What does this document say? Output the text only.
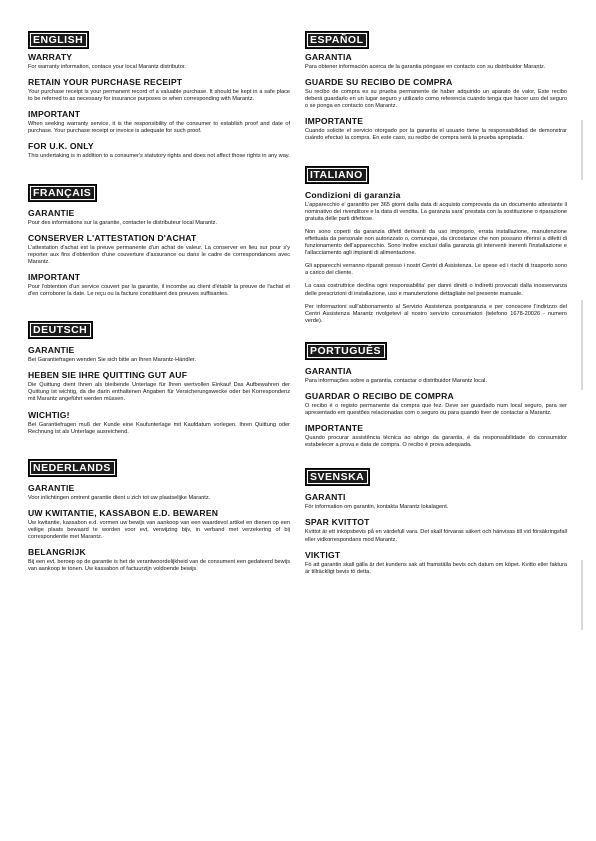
ENGLISH
WARRATY

For warranty information, contace your local Marantz distributor.

RETAIN YOUR PURCHASE RECEIPT

Your purchase receipt is your permanent record of a valuable purchase. It should be kept in a safe place to be referred to as necessary for insurance purposes or when corresponding with Marantz.

IMPORTANT

When seeking warranty service, it is the responsibility of the consumer to establish proof and date of purchase. Your purchase receipt or invoice is adequate for such proof.

FOR U.K. ONLY

This undertaking is in addition to a consumer's statutory rights and does not affect those rights in any way.

FRANÇAIS
GARANTIE

Pour des informations sur la garantie, contacter le distributeur local Marantz.

CONSERVER L'ATTESTATION D'ACHAT

L'attestation d'achat est la preuve permanente d'un achat de valeur. La conserver en lieu sur pour s'y reporter aux fins d'obtention d'une couverture d'assurance ou dans le cadre de correspondances avec Marantz.

IMPORTANT

Pour l'obtention d'un service couvert par la garantie, il incombe au client d'établir la preuve de l'achat et d'en corroborer la date. Le reçu ou la facture constituent des preuves suffisantes.

DEUTSCH
GARANTIE

Bei Garantiefragen wenden Sie sich bitte an Ihren Marantz-Händler.

HEBEN SIE IHRE QUITTING GUT AUF

Die Quittung dient Ihnen als bleibende Unterlage für Ihren wertvollen Einkauf Das Aufbewahren der Quittung ist wichtig, da die darin enthaltenen Angaben für Versicherungswecke oder bei Korrespondenz mit Marantz angeführt werden müssen.

WICHTIG!

Bei Garantiefragen muß der Kunde eine Kaufunterlage mit Kaufdatum vorlegen. Ihren Quittung oder Rechnung ist als Unterlage ausreichend.

NEDERLANDS
GARANTIE

Voor inlichtingen omtrent garantie dient u zich tot uw plaatselijke Marantz.

UW KWITANTIE, KASSABON E.D. BEWAREN

Uw kwitantie, kassabon e.d. vormen uw bewijs van aankoop van een waardevol artikel en dienen op een veilige plaats bewaard te worden voor evt, verwijzing bijv, in verband met verzekering of bij correspondentie met Marantz.

BELANGRIJK

Bij een evt. beroep op de garantie is het de verantwoordelijkheid van de consument een gedateerd bewijs van aankoop te tonen. Uw kassabon of factuurzijn voldoende bewijs.

ESPAÑOL
GARANTIA

Para obtener información acerca de la garantia póngase en contacto con su distribuidor Marantz.

GUARDE SU RECIBO DE COMPRA

Su recibo de compra es su prueba permanente de haber adquirido un aparato de valor, Este recibo deberá guardarlo en un lugar seguro y utilizarlo como referencia cuando tenga que hacer uso del seguro o se ponga en contacto con Marantz.

IMPORTANTE

Cuando solicite el servicio otorgado por la garantia el usuario tiene la responsabilidad de demonstrar cuándo efectuó la compra. En este caso, su recibo de compra será la prueba apropiada.

ITALIANO
Condizioni di garanzia

L'apparecchio e' garantito per 365 giorni dalla data di acquisto comprovata da un documento attestante il nominativo del rivenditore e la data di vendita. La garanzia sara' prestata con la sostituzione o riparazione gratuita delle parti difettose.

Non sono coperti da garanzia difetti derivanti da uso improprio, errata installazione, manutenzione effettuata da personale non autorizzato o, comunque, da circostanze che non possano riferirsi a difetti di funzionamento dell'apparecchio. Sono inoltre esclusi dalla garanzia gli interventi inerenti l'installazione e l'allacciamento agli impianti di alimentazione.

Gli apparecchi verranno riparati presso i nostri Centri di Assistenza. Le spese ed i rischi di trasporto sono a carico del cliente.

La casa costruttrice declina ogni responsabilita' per danni diretti o indiretti provocati dalla inosservanza delle prescrizioni di installazione, uso e manutenzione dettagliate nel presente manuale.

Per informazioni sull'abbonamento al Servizio Assistenza postgaranzia e per conoscere l'indirizzo del Centri Assistenza Marantz rivolgetevi al nostro servizio consumatori (telefono 1678-20026 - numero verde).

PORTUGUÊS
GARANTIA

Para informações sobre a garantia, contactar o distribuidor Marantz local.

GUARDAR O RECIBO DE COMPRA

O recibo é o registo permanente da compra que fez. Deve ser guardado num local seguro, para ser apresentado em questões relacionadas com o seguro ou para quando tiver de contactar a Marantz.

IMPORTANTE

Quando procurar assistência técnica ao abrigo da garantia, é da responsabilidade do consumidor estabelecer a prova e data de compra. O recibo é prova adequada.

SVENSKA
GARANTI

För information om garantin, kontakta Marantz lokalagent.

SPAR KVITTOT

Kvittot är ett inköpsbevis på en värdefull vara. Det skall förvaras säkert och hänvisas till vid försäkringsfall eller vidkorrespondans mod Marantz.

VIKTIGT

Fö att garantin skall gälla är det kundens sak att framställa bevis och datum om köpet. Kvitto eller faktura är tillräckligt bevis tö detta.
